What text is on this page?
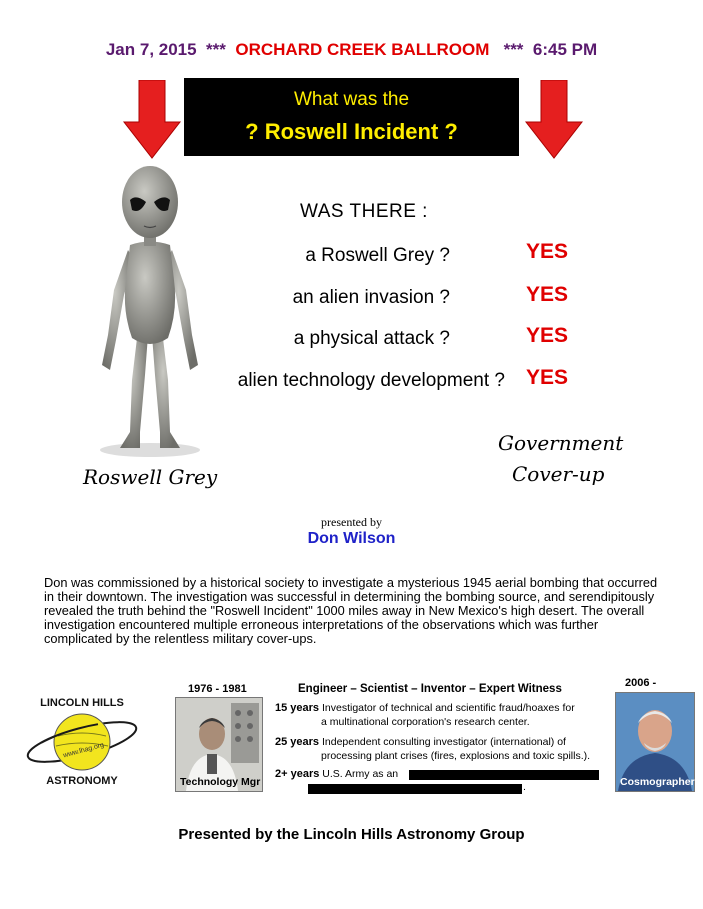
Jan 7, 2015 *** ORCHARD CREEK BALLROOM *** 6:45 PM
What was the
? Roswell Incident ?
Roswell Grey
WAS THERE :
a Roswell Grey ?	YES
an alien invasion ?	YES
a physical attack ?	YES
alien technology development ? YES
Government
Cover-up
presented by
Don Wilson
Don was commissioned by a historical society to investigate a mysterious 1945 aerial bombing that occurred in their downtown. The investigation was successful in determining the bombing source, and serendipitously revealed the truth behind the "Roswell Incident" 1000 miles away in New Mexico's high desert. The overall investigation encountered multiple erroneous interpretations of the observations which was further complicated by the relentless military cover-ups.
LINCOLN HILLS
ASTRONOMY
www.lhag.org
1976 - 1981
Technology Mgr
Engineer – Scientist – Inventor – Expert Witness
15 years Investigator of technical and scientific fraud/hoaxes for
a multinational corporation's research center.
25 years Independent consulting investigator (international) of
processing plant crises (fires, explosions and toxic spills.).
2+ years U.S. Army as an
.
2006 -
Cosmographer
Presented by the Lincoln Hills Astronomy Group
